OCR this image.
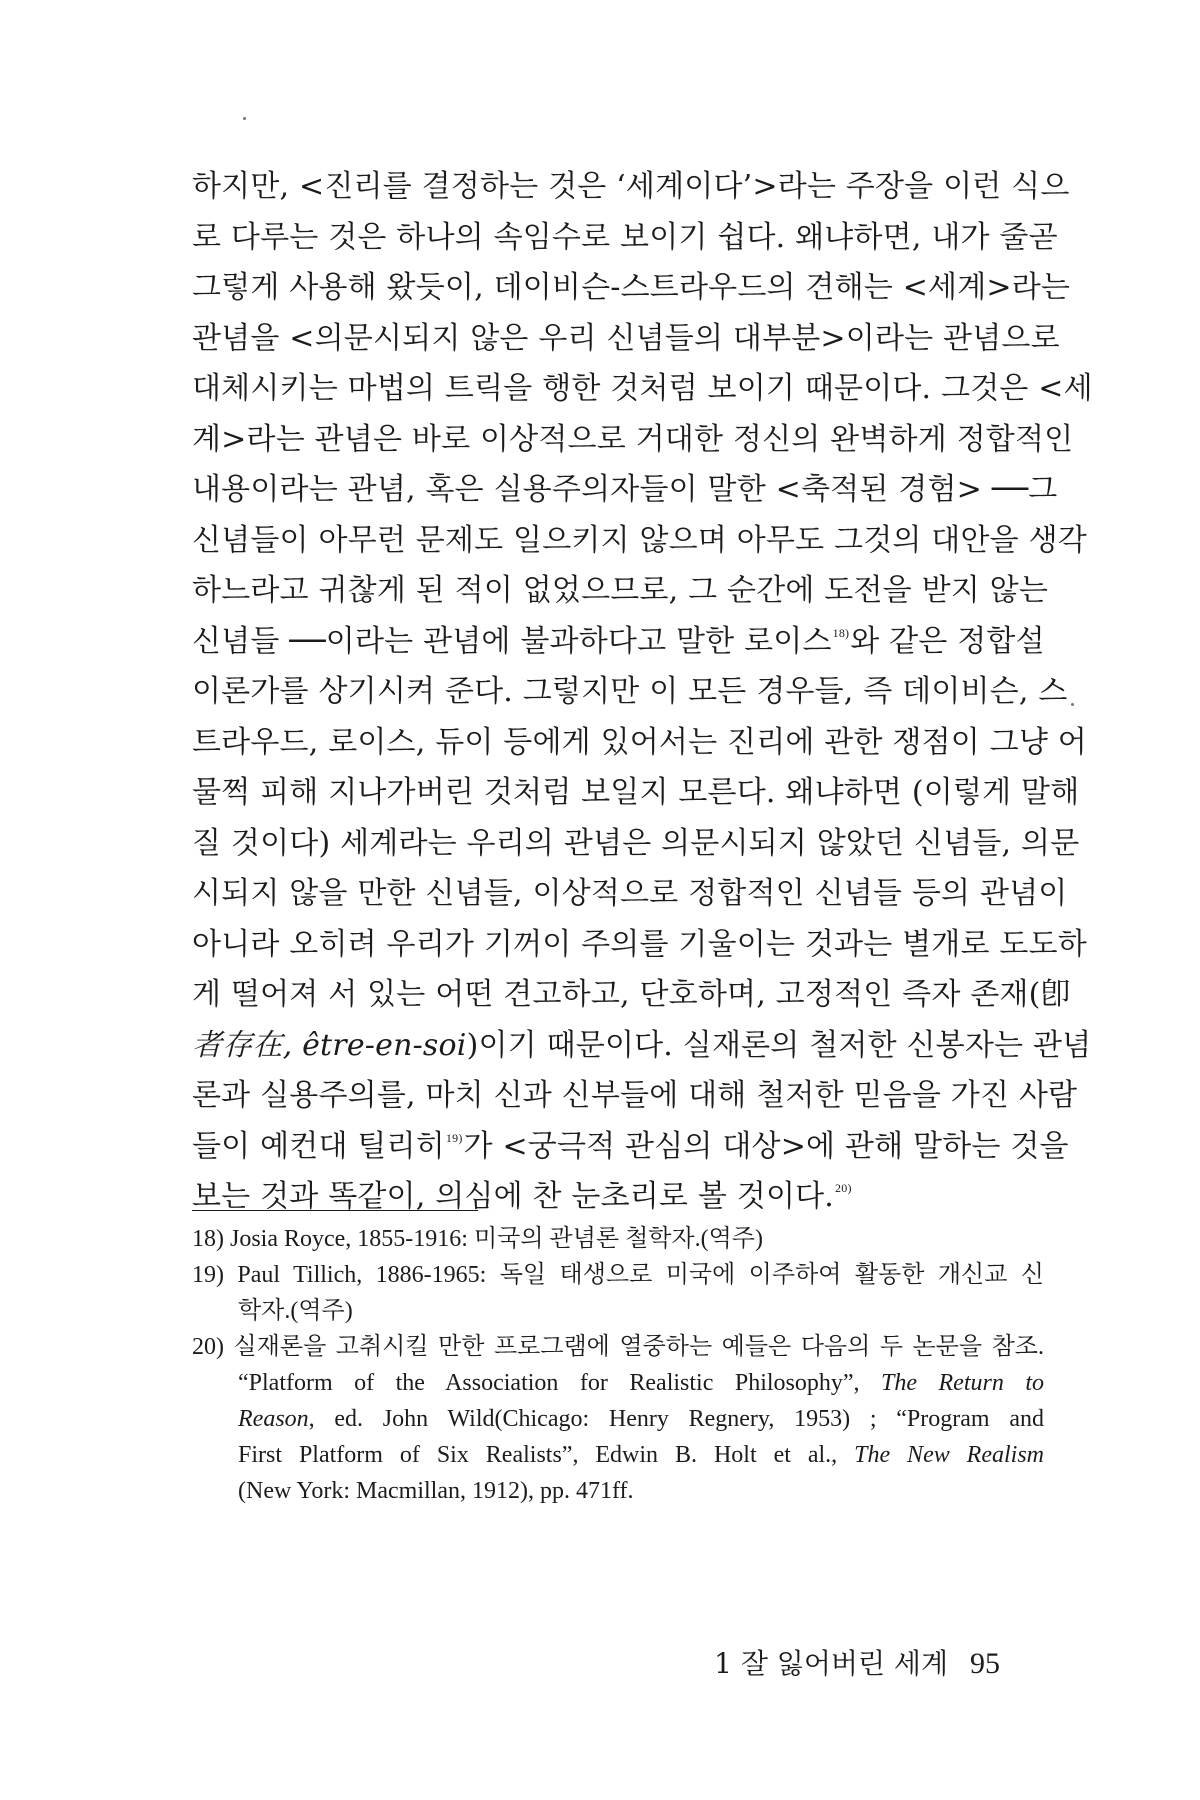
하지만, <진리를 결정하는 것은 ‘세계이다’>라는 주장을 이런 식으
로 다루는 것은 하나의 속임수로 보이기 쉽다. 왜냐하면, 내가 줄곧
그렇게 사용해 왔듯이, 데이비슨-스트라우드의 견해는 <세계>라는
관념을 <의문시되지 않은 우리 신념들의 대부분>이라는 관념으로
대체시키는 마법의 트릭을 행한 것처럼 보이기 때문이다. 그것은 <세
계>라는 관념은 바로 이상적으로 거대한 정신의 완벽하게 정합적인
내용이라는 관념, 혹은 실용주의자들이 말한 <축적된 경험> ──그
신념들이 아무런 문제도 일으키지 않으며 아무도 그것의 대안을 생각
하느라고 귀찮게 된 적이 없었으므로, 그 순간에 도전을 받지 않는
신념들 ──이라는 관념에 불과하다고 말한 로이스$^{18)}$와 같은 정합설
이론가를 상기시켜 준다. 그렇지만 이 모든 경우들, 즉 데이비슨, 스
트라우드, 로이스, 듀이 등에게 있어서는 진리에 관한 쟁점이 그냥 어
물쩍 피해 지나가버린 것처럼 보일지 모른다. 왜냐하면 (이렇게 말해
질 것이다) 세계라는 우리의 관념은 의문시되지 않았던 신념들, 의문
시되지 않을 만한 신념들, 이상적으로 정합적인 신념들 등의 관념이
아니라 오히려 우리가 기꺼이 주의를 기울이는 것과는 별개로 도도하
게 떨어져 서 있는 어떤 견고하고, 단호하며, 고정적인 즉자 존재(卽
者存在, être-en-soi)이기 때문이다. 실재론의 철저한 신봉자는 관념
론과 실용주의를, 마치 신과 신부들에 대해 철저한 믿음을 가진 사람
들이 예컨대 틸리히$^{19)}$가 <궁극적 관심의 대상>에 관해 말하는 것을
보는 것과 똑같이, 의심에 찬 눈초리로 볼 것이다.$^{20)}$
18) Josia Royce, 1855-1916: 미국의 관념론 철학자.(역주)
19) Paul Tillich, 1886-1965: 독일 태생으로 미국에 이주하여 활동한 개신교 신
학자.(역주)
20) 실재론을 고취시킬 만한 프로그램에 열중하는 예들은 다음의 두 논문을 참조.
“Platform of the Association for Realistic Philosophy”, The Return to
Reason, ed. John Wild(Chicago: Henry Regnery, 1953) ; “Program and
First Platform of Six Realists”, Edwin B. Holt et al., The New Realism
(New York: Macmillan, 1912), pp. 471ff.
1 잘 잃어버린 세계 95
